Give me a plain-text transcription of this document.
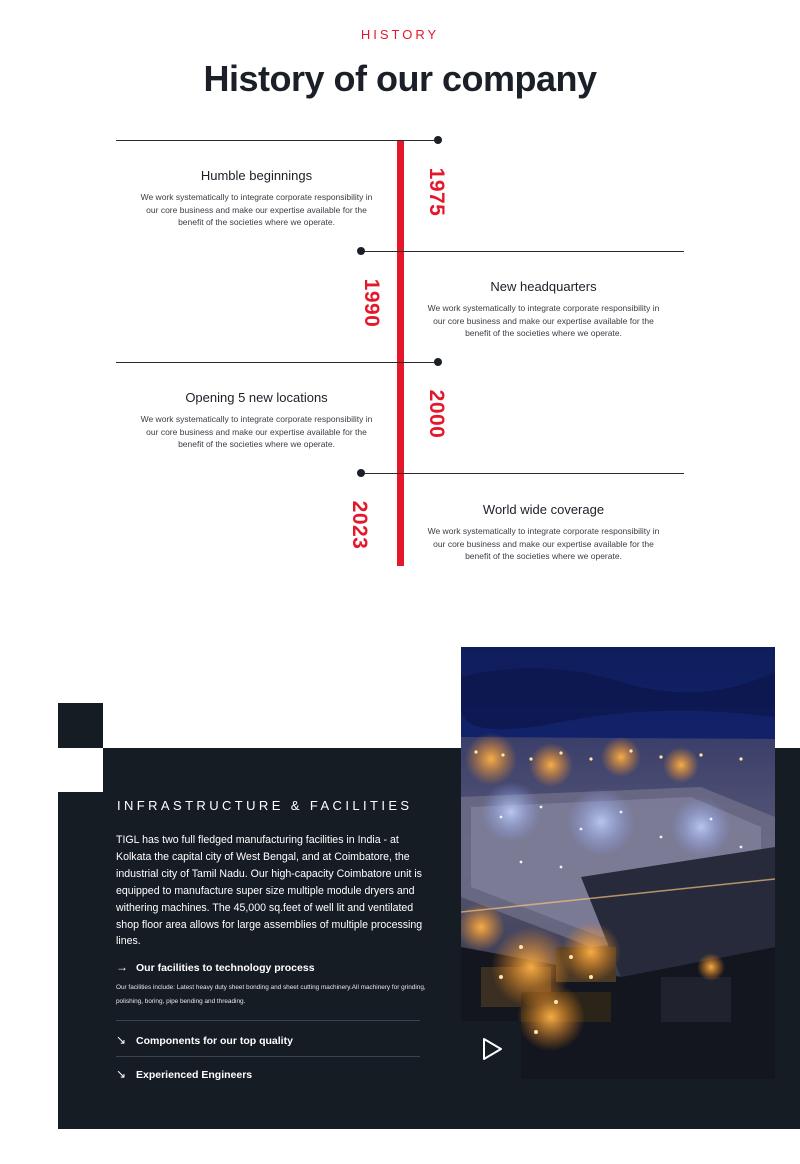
HISTORY
History of our company
1975
Humble beginnings
We work systematically to integrate corporate responsibility in our core business and make our expertise available for the benefit of the societies where we operate.
1990	New headquarters
We work systematically to integrate corporate responsibility in our core business and make our expertise available for the benefit of the societies where we operate.
2000
Opening 5 new locations
We work systematically to integrate corporate responsibility in our core business and make our expertise available for the benefit of the societies where we operate.
2023	World wide coverage
We work systematically to integrate corporate responsibility in our core business and make our expertise available for the benefit of the societies where we operate.
INFRASTRUCTURE & FACILITIES

TIGL has two full fledged manufacturing facilities in India - at Kolkata the capital city of West Bengal, and at Coimbatore, the industrial city of Tamil Nadu. Our high-capacity Coimbatore unit is equipped to manufacture super size multiple module dryers and withering machines. The 45,000 sq.feet of well lit and ventilated shop floor area allows for large assemblies of multiple processing lines.

→ Our facilities to technology process
Our facilities include: Latest heavy duty sheet bonding and sheet cutting machinery.All machinery for grinding, polishing, boring, pipe bending and threading.
↘ Components for our top quality
↘ Experienced Engineers
